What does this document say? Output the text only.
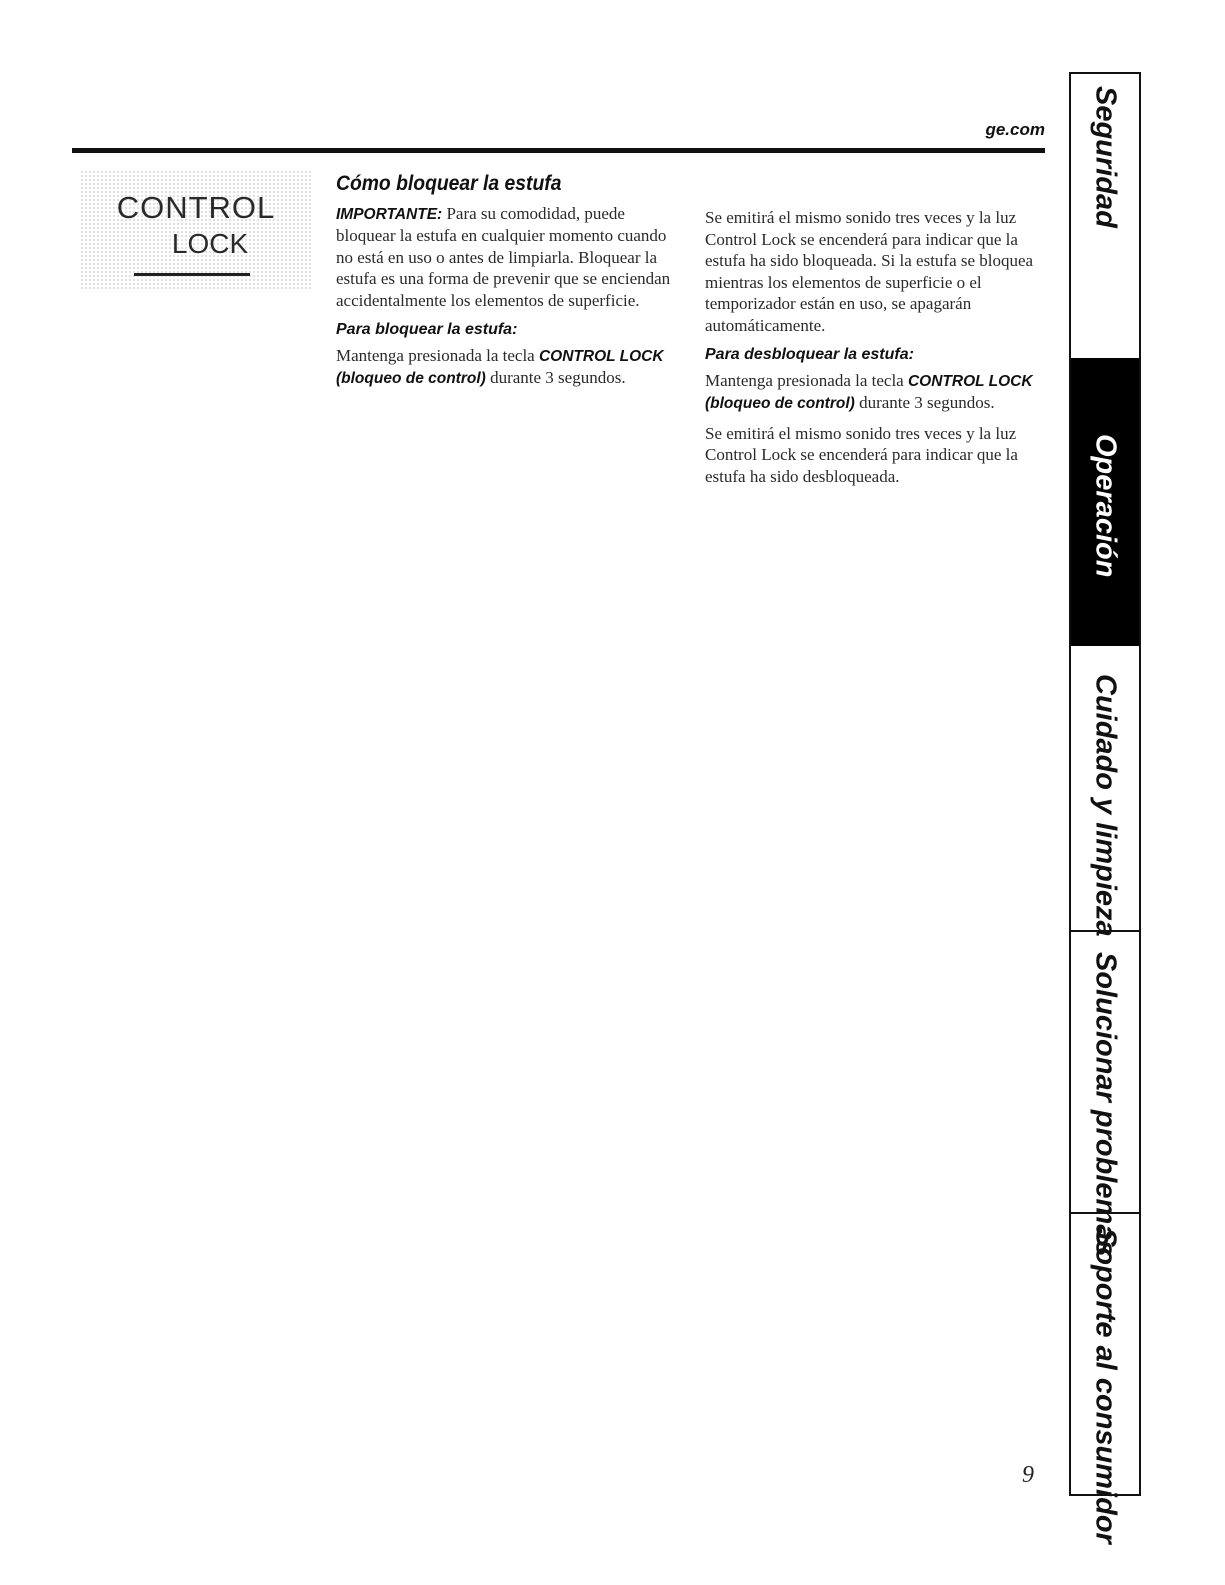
ge.com
CONTROL
LOCK
Cómo bloquear la estufa

IMPORTANTE: Para su comodidad, puede bloquear la estufa en cualquier momento cuando no está en uso o antes de limpiarla. Bloquear la estufa es una forma de prevenir que se enciendan accidentalmente los elementos de superficie.

Para bloquear la estufa:

Mantenga presionada la tecla CONTROL LOCK (bloqueo de control) durante 3 segundos.

Se emitirá el mismo sonido tres veces y la luz Control Lock se encenderá para indicar que la estufa ha sido bloqueada. Si la estufa se bloquea mientras los elementos de superficie o el temporizador están en uso, se apagarán automáticamente.

Para desbloquear la estufa:

Mantenga presionada la tecla CONTROL LOCK (bloqueo de control) durante 3 segundos.

Se emitirá el mismo sonido tres veces y la luz Control Lock se encenderá para indicar que la estufa ha sido desbloqueada.

Seguridad
Operación
Cuidado y limpieza
Solucionar problemas
Soporte al consumidor
9
